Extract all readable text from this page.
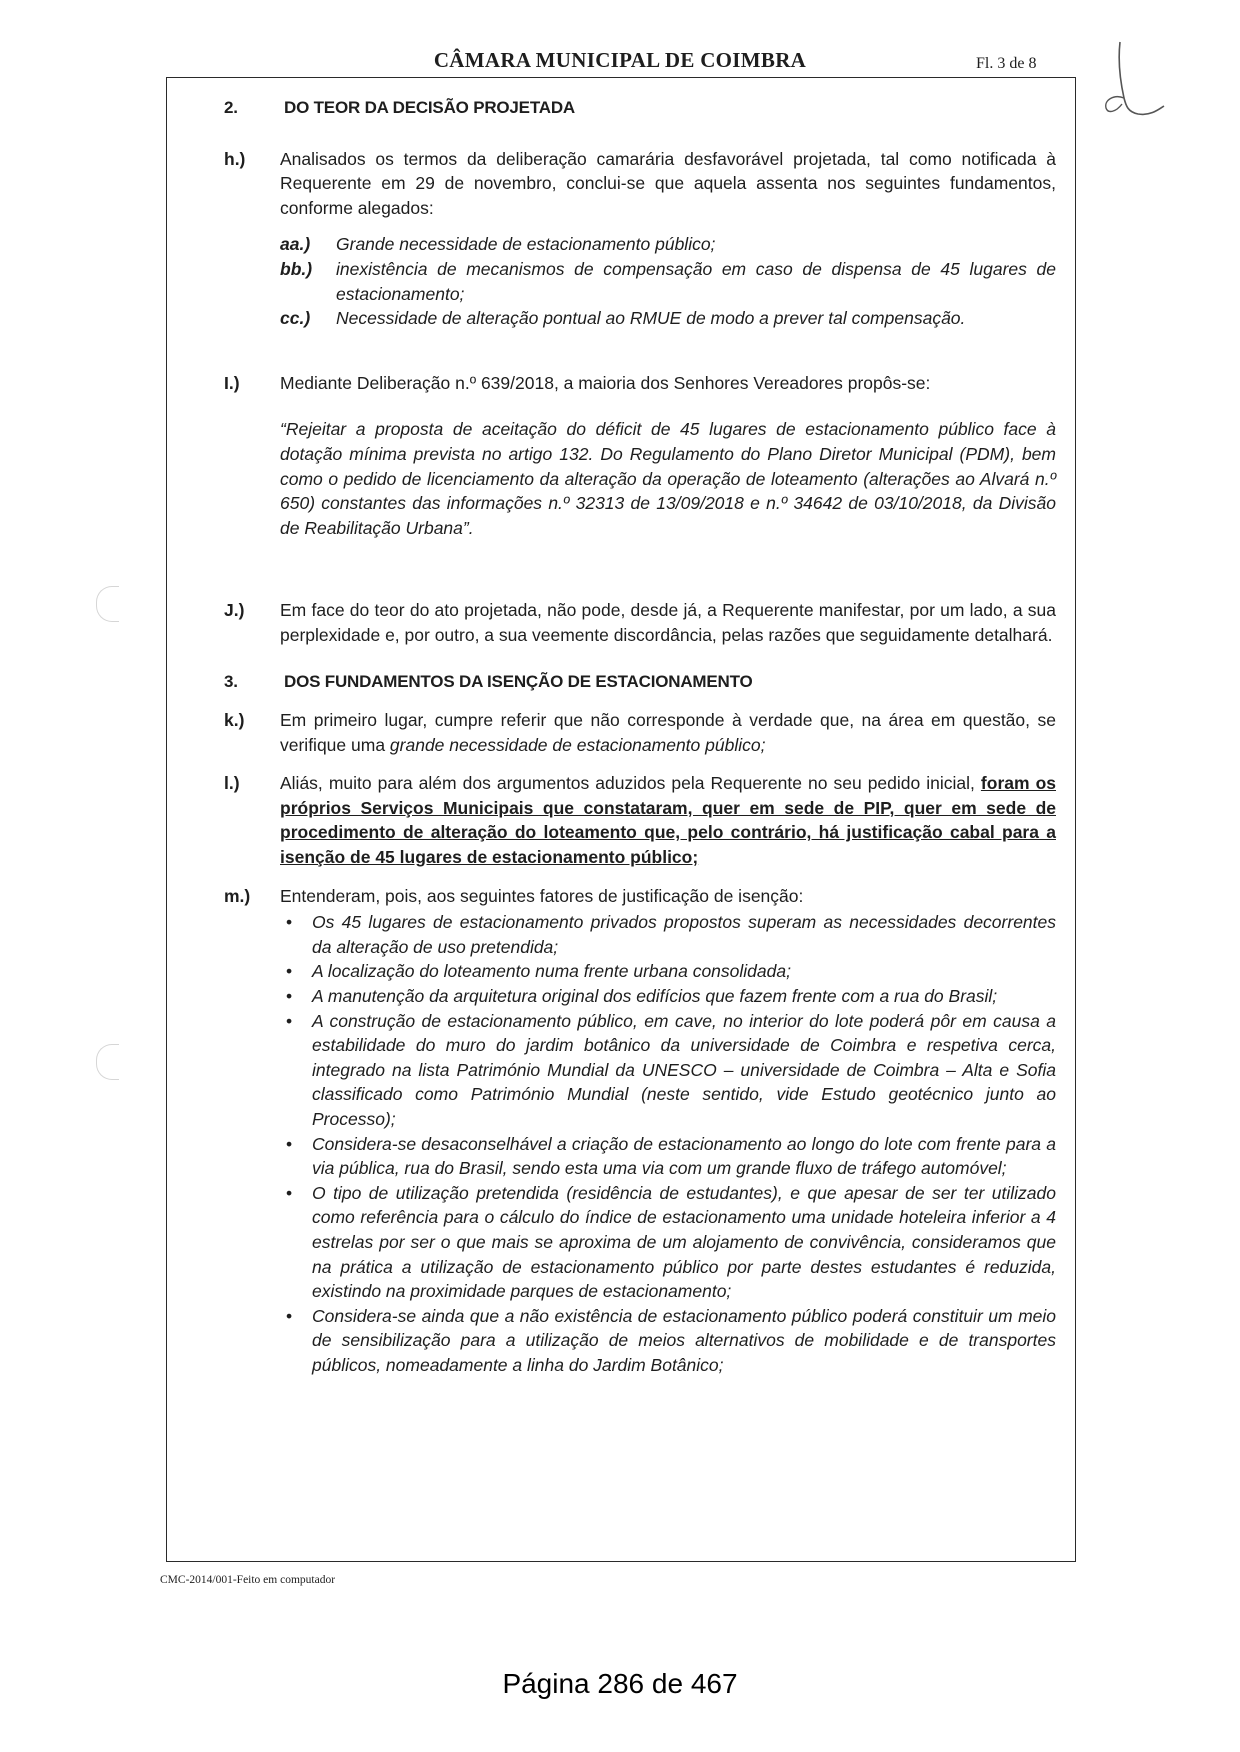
CÂMARA MUNICIPAL DE COIMBRA	Fl. 3 de 8
2.	DO TEOR DA DECISÃO PROJETADA
h.)	Analisados os termos da deliberação camarária desfavorável projetada, tal como notificada à Requerente em 29 de novembro, conclui-se que aquela assenta nos seguintes fundamentos, conforme alegados:
aa.)	Grande necessidade de estacionamento público;
bb.)	inexistência de mecanismos de compensação em caso de dispensa de 45 lugares de estacionamento;
cc.)	Necessidade de alteração pontual ao RMUE de modo a prever tal compensação.
I.)	Mediante Deliberação n.º 639/2018, a maioria dos Senhores Vereadores propôs-se:
“Rejeitar a proposta de aceitação do déficit de 45 lugares de estacionamento público face à dotação mínima prevista no artigo 132. Do Regulamento do Plano Diretor Municipal (PDM), bem como o pedido de licenciamento da alteração da operação de loteamento (alterações ao Alvará n.º 650) constantes das informações n.º 32313 de 13/09/2018 e n.º 34642 de 03/10/2018, da Divisão de Reabilitação Urbana”.
J.)	Em face do teor do ato projetada, não pode, desde já, a Requerente manifestar, por um lado, a sua perplexidade e, por outro, a sua veemente discordância, pelas razões que seguidamente detalhará.
3.	DOS FUNDAMENTOS DA ISENÇÃO DE ESTACIONAMENTO
k.)	Em primeiro lugar, cumpre referir que não corresponde à verdade que, na área em questão, se verifique uma grande necessidade de estacionamento público;
l.)	Aliás, muito para além dos argumentos aduzidos pela Requerente no seu pedido inicial, foram os próprios Serviços Municipais que constataram, quer em sede de PIP, quer em sede de procedimento de alteração do loteamento que, pelo contrário, há justificação cabal para a isenção de 45 lugares de estacionamento público;
m.)	Entenderam, pois, aos seguintes fatores de justificação de isenção:
• Os 45 lugares de estacionamento privados propostos superam as necessidades decorrentes da alteração de uso pretendida;
• A localização do loteamento numa frente urbana consolidada;
• A manutenção da arquitetura original dos edifícios que fazem frente com a rua do Brasil;
• A construção de estacionamento público, em cave, no interior do lote poderá pôr em causa a estabilidade do muro do jardim botânico da universidade de Coimbra e respetiva cerca, integrado na lista Património Mundial da UNESCO – universidade de Coimbra – Alta e Sofia classificado como Património Mundial (neste sentido, vide Estudo geotécnico junto ao Processo);
• Considera-se desaconselhável a criação de estacionamento ao longo do lote com frente para a via pública, rua do Brasil, sendo esta uma via com um grande fluxo de tráfego automóvel;
• O tipo de utilização pretendida (residência de estudantes), e que apesar de ser ter utilizado como referência para o cálculo do índice de estacionamento uma unidade hoteleira inferior a 4 estrelas por ser o que mais se aproxima de um alojamento de convivência, consideramos que na prática a utilização de estacionamento público por parte destes estudantes é reduzida, existindo na proximidade parques de estacionamento;
• Considera-se ainda que a não existência de estacionamento público poderá constituir um meio de sensibilização para a utilização de meios alternativos de mobilidade e de transportes públicos, nomeadamente a linha do Jardim Botânico;
CMC-2014/001-Feito em computador
Página 286 de 467
